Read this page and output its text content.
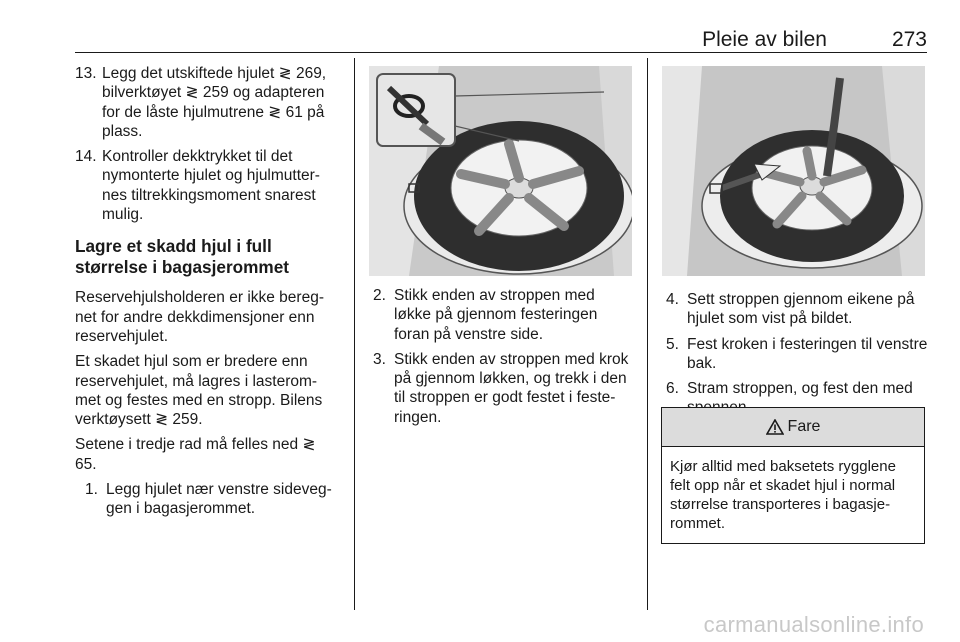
Pleie av bilen	273
13. Legg det utskiftede hjulet ≷ 269, bilverktøyet ≷ 259 og adapteren for de låste hjulmutrene ≷ 61 på plass.
14. Kontroller dekktrykket til det nymonterte hjulet og hjulmutter-nes tiltrekkingsmoment snarest mulig.
Lagre et skadd hjul i full størrelse i bagasjerommet

Reservehjulsholderen er ikke bereg-net for andre dekkdimensjoner enn reservehjulet.

Et skadet hjul som er bredere enn reservehjulet, må lagres i lasterom-met og festes med en stropp. Bilens verktøysett ≷ 259.

Setene i tredje rad må felles ned ≷ 65.

1. Legg hjulet nær venstre sideveg-gen i bagasjerommet.
2. Stikk enden av stroppen med løkke på gjennom festeringen foran på venstre side.
3. Stikk enden av stroppen med krok på gjennom løkken, og trekk i den til stroppen er godt festet i feste-ringen.
4. Sett stroppen gjennom eikene på hjulet som vist på bildet.
5. Fest kroken i festeringen til venstre bak.
6. Stram stroppen, og fest den med
Fare
Kjør alltid med baksetets rygglene felt opp når et skadet hjul i normal størrelse transporteres i bagasje-rommet.
carmanualsonline.info
